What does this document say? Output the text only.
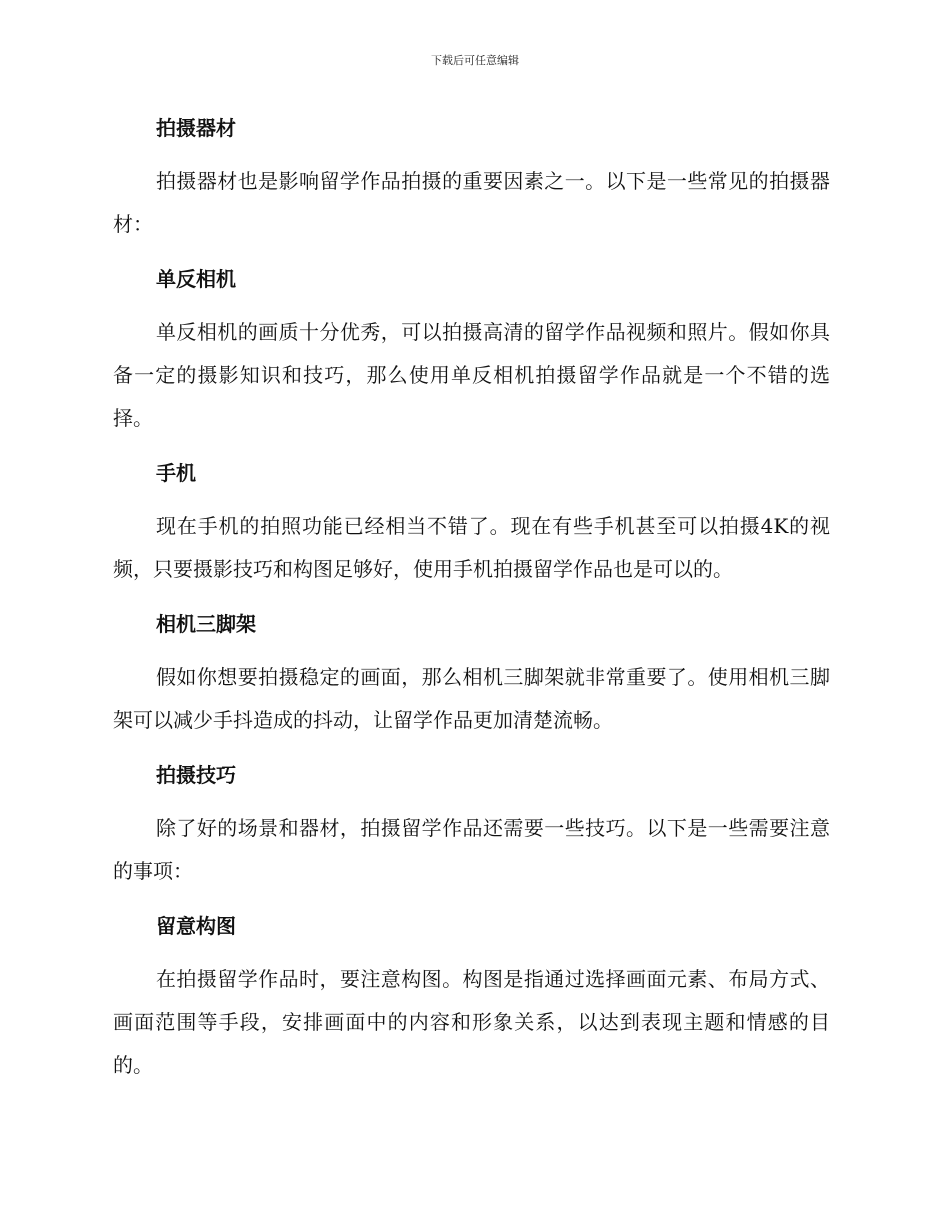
下载后可任意编辑
拍摄器材
拍摄器材也是影响留学作品拍摄的重要因素之一。以下是一些常见的拍摄器材：
单反相机
单反相机的画质十分优秀，可以拍摄高清的留学作品视频和照片。假如你具备一定的摄影知识和技巧，那么使用单反相机拍摄留学作品就是一个不错的选择。
手机
现在手机的拍照功能已经相当不错了。现在有些手机甚至可以拍摄4K的视频，只要摄影技巧和构图足够好，使用手机拍摄留学作品也是可以的。
相机三脚架
假如你想要拍摄稳定的画面，那么相机三脚架就非常重要了。使用相机三脚架可以减少手抖造成的抖动，让留学作品更加清楚流畅。
拍摄技巧
除了好的场景和器材，拍摄留学作品还需要一些技巧。以下是一些需要注意的事项：
留意构图
在拍摄留学作品时，要注意构图。构图是指通过选择画面元素、布局方式、画面范围等手段，安排画面中的内容和形象关系，以达到表现主题和情感的目的。
